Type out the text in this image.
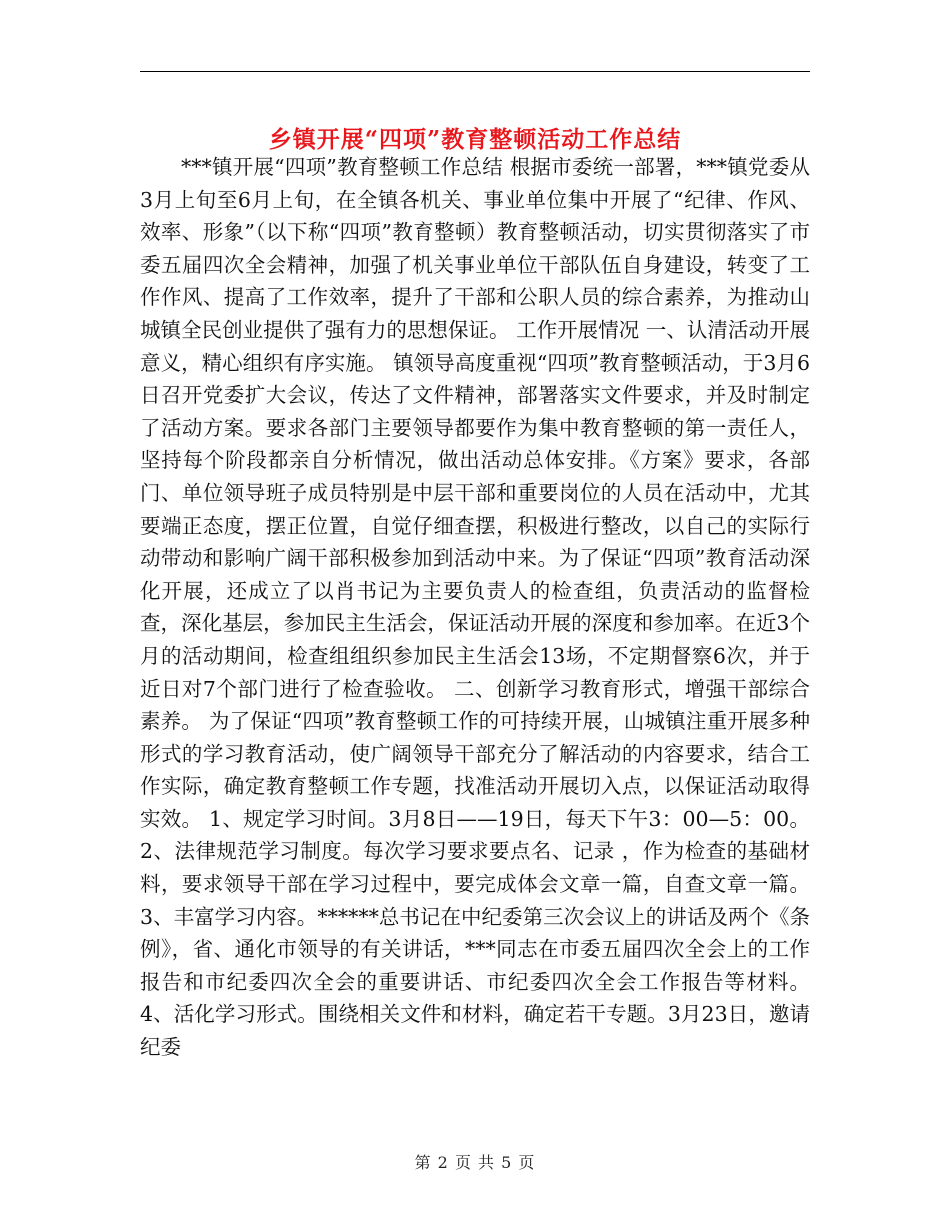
乡镇开展“四项”教育整顿活动工作总结

***镇开展“四项”教育整顿工作总结 根据市委统一部署，***镇党委从3月上旬至6月上旬，在全镇各机关、事业单位集中开展了“纪律、作风、效率、形象”（以下称“四项”教育整顿）教育整顿活动，切实贯彻落实了市委五届四次全会精神，加强了机关事业单位干部队伍自身建设，转变了工作作风、提高了工作效率，提升了干部和公职人员的综合素养，为推动山城镇全民创业提供了强有力的思想保证。 工作开展情况 一、认清活动开展意义，精心组织有序实施。 镇领导高度重视“四项”教育整顿活动，于3月6日召开党委扩大会议，传达了文件精神，部署落实文件要求，并及时制定了活动方案。要求各部门主要领导都要作为集中教育整顿的第一责任人，坚持每个阶段都亲自分析情况，做出活动总体安排。《方案》要求，各部门、单位领导班子成员特别是中层干部和重要岗位的人员在活动中，尤其要端正态度，摆正位置，自觉仔细查摆，积极进行整改，以自己的实际行动带动和影响广阔干部积极参加到活动中来。为了保证“四项”教育活动深化开展，还成立了以肖书记为主要负责人的检查组，负责活动的监督检查，深化基层，参加民主生活会，保证活动开展的深度和参加率。在近3个月的活动期间，检查组组织参加民主生活会13场，不定期督察6次，并于近日对7个部门进行了检查验收。 二、创新学习教育形式，增强干部综合素养。 为了保证“四项”教育整顿工作的可持续开展，山城镇注重开展多种形式的学习教育活动，使广阔领导干部充分了解活动的内容要求，结合工作实际，确定教育整顿工作专题，找准活动开展切入点，以保证活动取得实效。 1、规定学习时间。3月8日——19日，每天下午3：00—5：00。 2、法律规范学习制度。每次学习要求要点名、记录 ，作为检查的基础材料，要求领导干部在学习过程中，要完成体会文章一篇，自查文章一篇。 3、丰富学习内容。******总书记在中纪委第三次会议上的讲话及两个《条例》，省、通化市领导的有关讲话，***同志在市委五届四次全会上的工作报告和市纪委四次全会的重要讲话、市纪委四次全会工作报告等材料。 4、活化学习形式。围绕相关文件和材料，确定若干专题。3月23日，邀请纪委

第 2 页 共 5 页
